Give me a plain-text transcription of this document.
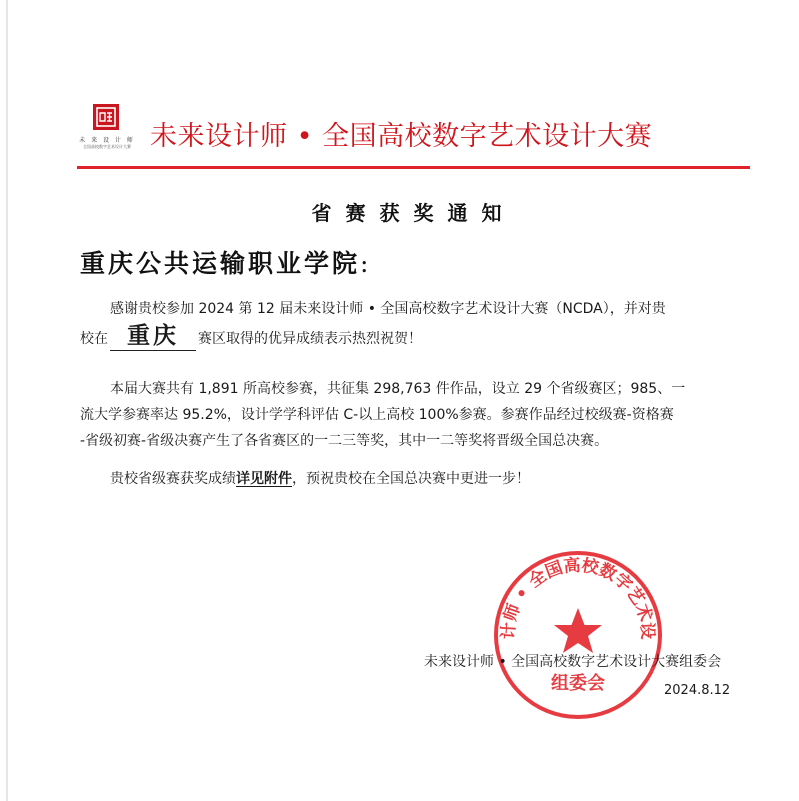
未 来 设 计 师
全国高校数字艺术设计大赛 未来设计师 • 全国高校数字艺术设计大赛
省赛获奖通知
重庆公共运输职业学院:
感谢贵校参加 2024 第 12 届未来设计师 • 全国高校数字艺术设计大赛（NCDA），并对贵
校在 重庆 赛区取得的优异成绩表示热烈祝贺！
本届大赛共有 1,891 所高校参赛，共征集 298,763 件作品，设立 29 个省级赛区；985、一
流大学参赛率达 95.2%，设计学学科评估 C-以上高校 100%参赛。参赛作品经过校级赛-资格赛
-省级初赛-省级决赛产生了各省赛区的一二三等奖，其中一二等奖将晋级全国总决赛。
贵校省级赛获奖成绩详见附件，预祝贵校在全国总决赛中更进一步！
计师 • 全国高校数字艺术设
组委会
未来设计师 • 全国高校数字艺术设计大赛组委会
2024.8.12
